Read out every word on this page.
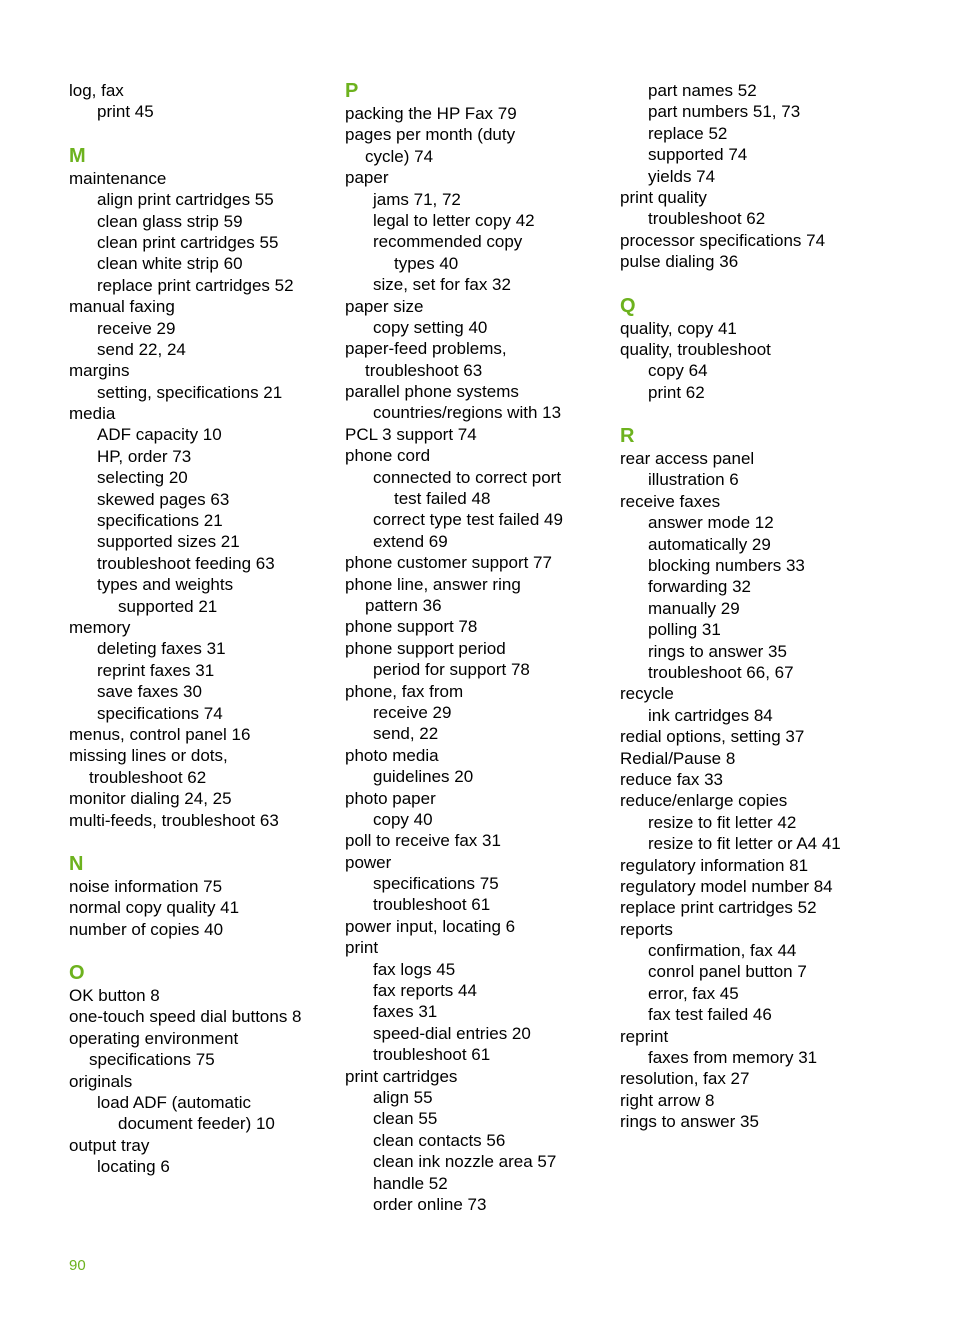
log, fax
print 45
M
maintenance
align print cartridges 55
clean glass strip 59
clean print cartridges 55
clean white strip 60
replace print cartridges 52
manual faxing
receive 29
send 22, 24
margins
setting, specifications 21
media
ADF capacity 10
HP, order 73
selecting 20
skewed pages 63
specifications 21
supported sizes 21
troubleshoot feeding 63
types and weights
supported 21
memory
deleting faxes 31
reprint faxes 31
save faxes 30
specifications 74
menus, control panel 16
missing lines or dots,
troubleshoot 62
monitor dialing 24, 25
multi-feeds, troubleshoot 63
N
noise information 75
normal copy quality 41
number of copies 40
O
OK button 8
one-touch speed dial buttons 8
operating environment
specifications 75
originals
load ADF (automatic
document feeder) 10
output tray
locating 6
P
packing the HP Fax 79
pages per month (duty
cycle) 74
paper
jams 71, 72
legal to letter copy 42
recommended copy
types 40
size, set for fax 32
paper size
copy setting 40
paper-feed problems,
troubleshoot 63
parallel phone systems
countries/regions with 13
PCL 3 support 74
phone cord
connected to correct port
test failed 48
correct type test failed 49
extend 69
phone customer support 77
phone line, answer ring
pattern 36
phone support 78
phone support period
period for support 78
phone, fax from
receive 29
send, 22
photo media
guidelines 20
photo paper
copy 40
poll to receive fax 31
power
specifications 75
troubleshoot 61
power input, locating 6
print
fax logs 45
fax reports 44
faxes 31
speed-dial entries 20
troubleshoot 61
print cartridges
align 55
clean 55
clean contacts 56
clean ink nozzle area 57
handle 52
order online 73
part names 52
part numbers 51, 73
replace 52
supported 74
yields 74
print quality
troubleshoot 62
processor specifications 74
pulse dialing 36
Q
quality, copy 41
quality, troubleshoot
copy 64
print 62
R
rear access panel
illustration 6
receive faxes
answer mode 12
automatically 29
blocking numbers 33
forwarding 32
manually 29
polling 31
rings to answer 35
troubleshoot 66, 67
recycle
ink cartridges 84
redial options, setting 37
Redial/Pause 8
reduce fax 33
reduce/enlarge copies
resize to fit letter 42
resize to fit letter or A4 41
regulatory information 81
regulatory model number 84
replace print cartridges 52
reports
confirmation, fax 44
conrol panel button 7
error, fax 45
fax test failed 46
reprint
faxes from memory 31
resolution, fax 27
right arrow 8
rings to answer 35
90
